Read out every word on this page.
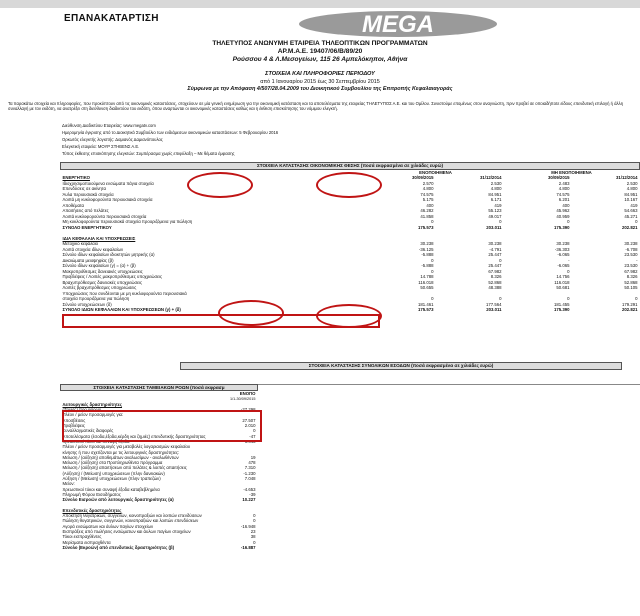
ΕΠΑΝΑΚΑΤΑΡΤΙΣΗ	MEGA
ΤΗΛΕΤΥΠΟΣ ΑΝΩΝΥΜΗ ΕΤΑΙΡΕΙΑ ΤΗΛΕΟΠΤΙΚΩΝ ΠΡΟΓΡΑΜΜΑΤΩΝ
ΑΡ.Μ.Α.Ε. 19407/06/Β/89/20
Ρούσσου 4 & Λ.Μεσογείων, 115 26 Αμπελόκηποι, Αθήνα
ΣΤΟΙΧΕΙΑ ΚΑΙ ΠΛΗΡΟΦΟΡΙΕΣ ΠΕΡΙΟΔΟΥ
από 1 Ιανουαρίου 2015 έως 30 Σεπτεμβρίου 2015
Σύμφωνα με την Απόφαση 4/507/28.04.2009 του Διοικητικού Συμβουλίου της Επιτροπής Κεφαλαιαγοράς
Τα παρακάτω στοιχεία και πληροφορίες, που προκύπτουν από τις οικονομικές καταστάσεις, στοχεύουν σε μία γενική ενημέρωση για την οικονομική κατάσταση και τα αποτελέσματα της εταιρείας ΤΗΛΕΤΥΠΟΣ Α.Ε. και του Ομίλου. Συνιστούμε επομένως στον αναγνώστη, πριν προβεί σε οποιαδήποτε είδους επενδυτική επιλογή ή άλλη συναλλαγή με τον εκδότη, να ανατρέξει στη διεύθυνση διαδικτύου του εκδότη, όπου αναρτώνται οι οικονομικές καταστάσεις καθώς και η έκθεση επισκόπησης του νόμιμου ελεγκτή.
Διεύθυνση Διαδικτύου Εταιρείας: www.megatv.com
Ημερομηνία έγκρισης από το Διοικητικό Συμβούλιο των ενδιάμεσων οικονομικών καταστάσεων: 5 Φεβρουαρίου 2016
Ορκωτός ελεγκτής λογιστής: Δαμιανός Δαμιανόπουλος
Ελεγκτική εταιρεία: ΜΟΥΡ ΣΤΗΒΕΝΣ Α.Ε.
Τύπος έκθεσης επισκόπησης ελεγκτών: Συμπέρασμα χωρίς επιφύλαξη – Με θέματα έμφασης
ΣΤΟΙΧΕΙΑ ΚΑΤΑΣΤΑΣΗΣ ΟΙΚΟΝΟΜΙΚΗΣ ΘΕΣΗΣ (ποσά εκφρασμένα σε χιλιάδες ευρώ)				
	ΕΝΟΠΟΙΗΜΕΝΑ		ΜΗ ΕΝΟΠΟΙΗΜΕΝΑ	
ΕΝΕΡΓΗΤΙΚΟ	30/09/2015	31/12/2014	30/09/2015	31/12/2014
Ιδιοχρησιμοποιούμενα ενσώματα πάγια στοιχεία	2.570	2.530	2.483	2.530
Επενδύσεις σε ακίνητα	4.800	4.800	4.800	4.800
Άυλα περιουσιακά στοιχεία	74.575	84.951	74.575	84.951
Λοιπά μη κυκλοφορούντα περιουσιακά στοιχεία	5.175	6.171	6.201	10.167
Αποθέματα	400	419	400	419
Απαιτήσεις από πελάτες	46.282	55.123	45.962	54.663
Λοιπά κυκλοφορούντα περιουσιακά στοιχεία	41.858	49.017	40.959	45.271
Μη κυκλοφορούντα περιουσιακά στοιχεία προοριζόμενα για πώληση	0	0	0	0
ΣΥΝΟΛΟ ΕΝΕΡΓΗΤΙΚΟΥ	175.573	203.011	175.390	202.821

ΙΔΙΑ ΚΕΦΑΛΑΙΑ ΚΑΙ ΥΠΟΧΡΕΩΣΕΙΣ				
Μετοχικό κεφάλαιο	30.238	30.238	30.238	30.238
Λοιπά στοιχεία ιδίων κεφαλαίων	-36.125	-4.791	-36.303	-6.708
Σύνολο ιδίων κεφαλαίων ιδιοκτητών μητρικής (α)	-5.888	25.447	-6.065	23.530
Δικαιώματα μειοψηφίας (β)	0	0	-	-
Σύνολο ιδίων κεφαλαίων (γ) = (α) + (β)	-5.888	25.447	-6.065	23.530
Μακροπρόθεσμες δανειακές υποχρεώσεις	0	67.982	0	67.982
Προβλέψεις / Λοιπές μακροπρόθεσμες υποχρεώσεις	14.788	8.326	14.756	8.326
Βραχυπρόθεσμες δανειακές υποχρεώσεις	116.018	52.868	116.018	52.868
Λοιπές βραχυπρόθεσμες υποχρεώσεις	50.655	48.388	50.681	50.105
Υποχρεώσεις που συνδέονται με μη κυκλοφορούντα περιουσιακά				
στοιχεία προοριζόμενα για πώληση	0	0	0	0
Σύνολο υποχρεώσεων (δ)	181.461	177.564	181.455	179.291
ΣΥΝΟΛΟ ΙΔΙΩΝ ΚΕΦΑΛΑΙΩΝ ΚΑΙ ΥΠΟΧΡΕΩΣΕΩΝ (γ) + (δ)	175.573	203.011	175.390	202.821
ΣΤΟΙΧΕΙΑ ΚΑΤΑΣΤΑΣΗΣ ΣΥΝΟΛΙΚΩΝ ΕΣΟΔΩΝ (ποσά εκφρασμένα σε χιλιάδες ευρώ)
ΣΤΟΙΧΕΙΑ ΚΑΤΑΣΤΑΣΗΣ ΤΑΜΕΙΑΚΩΝ ΡΟΩΝ (ποσά εκφρασμ	
	ΕΝΟΠΟ
	1/1-30/09/2015
Λειτουργικές δραστηριότητες	
(Ζημιές) προ φόρων	-27.298
Πλέον / μείον προσαρμογές για:	
Αποσβέσεις	27.507
Προβλέψεις	2.010
Συναλλαγματικές διαφορές	0
Αποτελέσματα (έσοδα,έξοδα,κέρδη και ζημιές) επενδυτικής δραστηριότητας	-47
Χρεωστικοί τόκοι και συναφή έξοδα	6.043
Πλέον / μείον προσαρμογές για μεταβολές λογαριασμών κεφαλαίου	
κίνησης ή που σχετίζονται με τις λειτουργικές δραστηριότητες:	
Μείωση / (αύξηση) αποθεμάτων αναλωσίμων - αναλωθέντων	19
Μείωση / (αύξηση) στα Προπληρωθέντα πρόγραμμα	478
Μείωση / (αύξηση) απαιτήσεων από πελάτες & λοιπές απαιτήσεις	7.310
(Αύξηση) / (Μείωση) υποχρεώσεων (πλην δανειακών)	-1.230
Αύξηση / (Μείωση) υποχρεώσεων (πλην τραπεζών)	7.048
Μείον:	
Χρεωστικοί τόκοι και συναφή έξοδα καταβεβλημένα	-4.653
Πληρωμή Φόρου Εισοδήματος	-39
Σύνολο Εισροών από λειτουργικές δραστηριότητες (α)	10.227

Επενδυτικές δραστηριότητες	
Απόκτηση θυγατρικών, συγγενών, κοινοπραξιών και λοιπών επενδύσεων	0
Πώληση θυγατρικών, συγγενών, κοινοπραξιών και λοιπών επενδύσεων	0
Αγορά ενσώματων και άυλων παγίων στοιχείων	-16.948
Εισπράξεις από πωλήσεις ενσώματων και άυλων παγίων στοιχείων	23
Τόκοι εισπραχθέντες	38
Μερίσματα εισπραχθέντα	0
Σύνολο (Εκροών) από επενδυτικές δραστηριότητες (β)	-16.887
